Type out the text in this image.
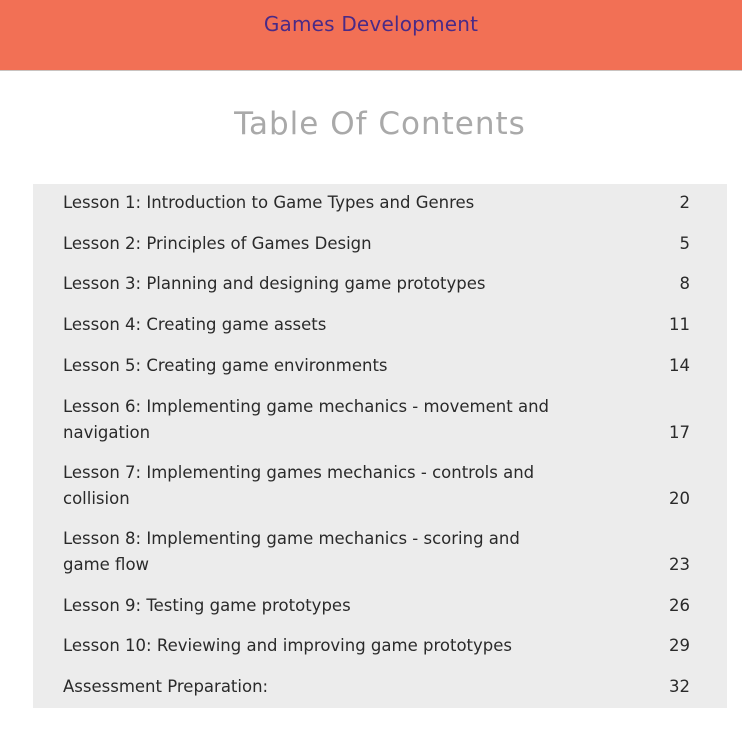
Games Development
Table Of Contents
Lesson 1: Introduction to Game Types and Genres	2
Lesson 2: Principles of Games Design	5
Lesson 3: Planning and designing game prototypes	8
Lesson 4: Creating game assets	11
Lesson 5: Creating game environments	14
Lesson 6: Implementing game mechanics - movement and navigation	17
Lesson 7: Implementing games mechanics - controls and collision	20
Lesson 8: Implementing game mechanics - scoring and game flow	23
Lesson 9: Testing game prototypes	26
Lesson 10: Reviewing and improving game prototypes	29
Assessment Preparation:	32
